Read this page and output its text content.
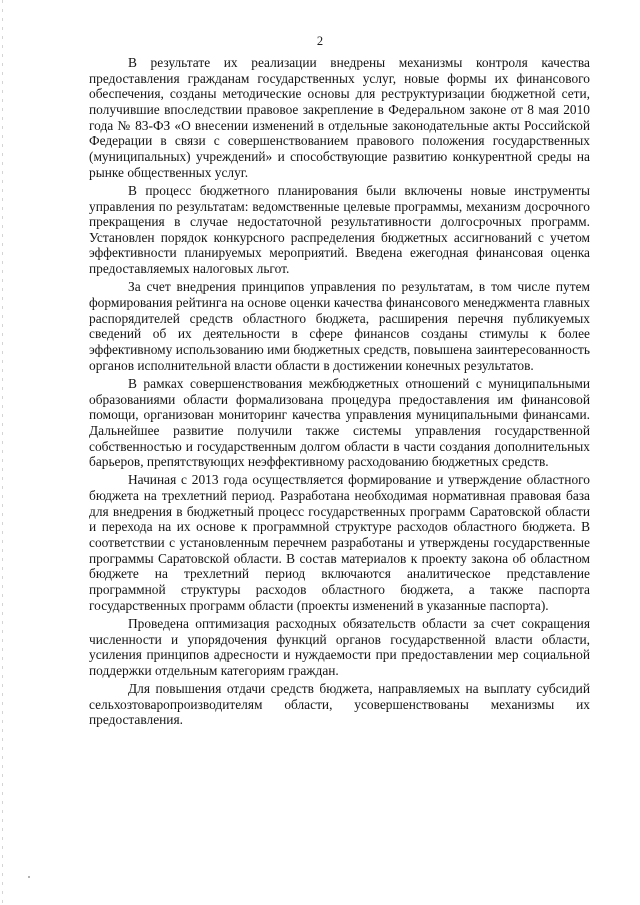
2

В результате их реализации внедрены механизмы контроля качества предоставления гражданам государственных услуг, новые формы их финансового обеспечения, созданы методические основы для реструктуризации бюджетной сети, получившие впоследствии правовое закрепление в Федеральном законе от 8 мая 2010 года № 83-ФЗ «О внесении изменений в отдельные законодательные акты Российской Федерации в связи с совершенствованием правового положения государственных (муниципальных) учреждений» и способствующие развитию конкурентной среды на рынке общественных услуг.

В процесс бюджетного планирования были включены новые инструменты управления по результатам: ведомственные целевые программы, механизм досрочного прекращения в случае недостаточной результативности долгосрочных программ. Установлен порядок конкурсного распределения бюджетных ассигнований с учетом эффективности планируемых мероприятий. Введена ежегодная финансовая оценка предоставляемых налоговых льгот.

За счет внедрения принципов управления по результатам, в том числе путем формирования рейтинга на основе оценки качества финансового менеджмента главных распорядителей средств областного бюджета, расширения перечня публикуемых сведений об их деятельности в сфере финансов созданы стимулы к более эффективному использованию ими бюджетных средств, повышена заинтересованность органов исполнительной власти области в достижении конечных результатов.

В рамках совершенствования межбюджетных отношений с муниципальными образованиями области формализована процедура предоставления им финансовой помощи, организован мониторинг качества управления муниципальными финансами. Дальнейшее развитие получили также системы управления государственной собственностью и государственным долгом области в части создания дополнительных барьеров, препятствующих неэффективному расходованию бюджетных средств.

Начиная с 2013 года осуществляется формирование и утверждение областного бюджета на трехлетний период. Разработана необходимая нормативная правовая база для внедрения в бюджетный процесс государственных программ Саратовской области и перехода на их основе к программной структуре расходов областного бюджета. В соответствии с установленным перечнем разработаны и утверждены государственные программы Саратовской области. В состав материалов к проекту закона об областном бюджете на трехлетний период включаются аналитическое представление программной структуры расходов областного бюджета, а также паспорта государственных программ области (проекты изменений в указанные паспорта).

Проведена оптимизация расходных обязательств области за счет сокращения численности и упорядочения функций органов государственной власти области, усиления принципов адресности и нуждаемости при предоставлении мер социальной поддержки отдельным категориям граждан.

Для повышения отдачи средств бюджета, направляемых на выплату субсидий сельхозтоваропроизводителям области, усовершенствованы механизмы их предоставления.
